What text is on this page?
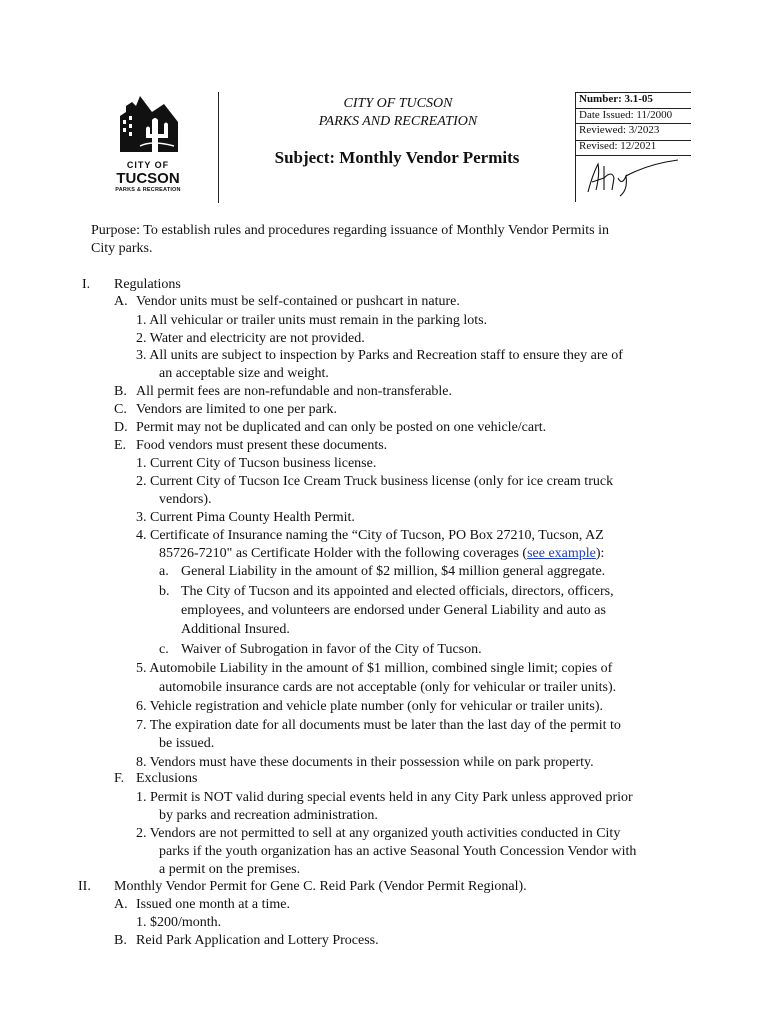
CITY OF
TUCSON
PARKS & RECREATION
CITY OF TUCSON
PARKS AND RECREATION
Subject: Monthly Vendor Permits
Number: 3.1-05
Date Issued: 11/2000
Reviewed: 3/2023
Revised: 12/2021
Purpose: To establish rules and procedures regarding issuance of Monthly Vendor Permits in
City parks.
I. Regulations
A. Vendor units must be self-contained or pushcart in nature.
1. All vehicular or trailer units must remain in the parking lots.
2. Water and electricity are not provided.
3. All units are subject to inspection by Parks and Recreation staff to ensure they are of
an acceptable size and weight.
B. All permit fees are non-refundable and non-transferable.
C. Vendors are limited to one per park.
D. Permit may not be duplicated and can only be posted on one vehicle/cart.
E. Food vendors must present these documents.
1. Current City of Tucson business license.
2. Current City of Tucson Ice Cream Truck business license (only for ice cream truck
vendors).
3. Current Pima County Health Permit.
4. Certificate of Insurance naming the “City of Tucson, PO Box 27210, Tucson, AZ
85726-7210" as Certificate Holder with the following coverages (see example):
a. General Liability in the amount of $2 million, $4 million general aggregate.
b. The City of Tucson and its appointed and elected officials, directors, officers,
employees, and volunteers are endorsed under General Liability and auto as
Additional Insured.
c. Waiver of Subrogation in favor of the City of Tucson.
5. Automobile Liability in the amount of $1 million, combined single limit; copies of
automobile insurance cards are not acceptable (only for vehicular or trailer units).
6. Vehicle registration and vehicle plate number (only for vehicular or trailer units).
7. The expiration date for all documents must be later than the last day of the permit to
be issued.
8. Vendors must have these documents in their possession while on park property.
F. Exclusions
1. Permit is NOT valid during special events held in any City Park unless approved prior
by parks and recreation administration.
2. Vendors are not permitted to sell at any organized youth activities conducted in City
parks if the youth organization has an active Seasonal Youth Concession Vendor with
a permit on the premises.
II. Monthly Vendor Permit for Gene C. Reid Park (Vendor Permit Regional).
A. Issued one month at a time.
1. $200/month.
B. Reid Park Application and Lottery Process.
